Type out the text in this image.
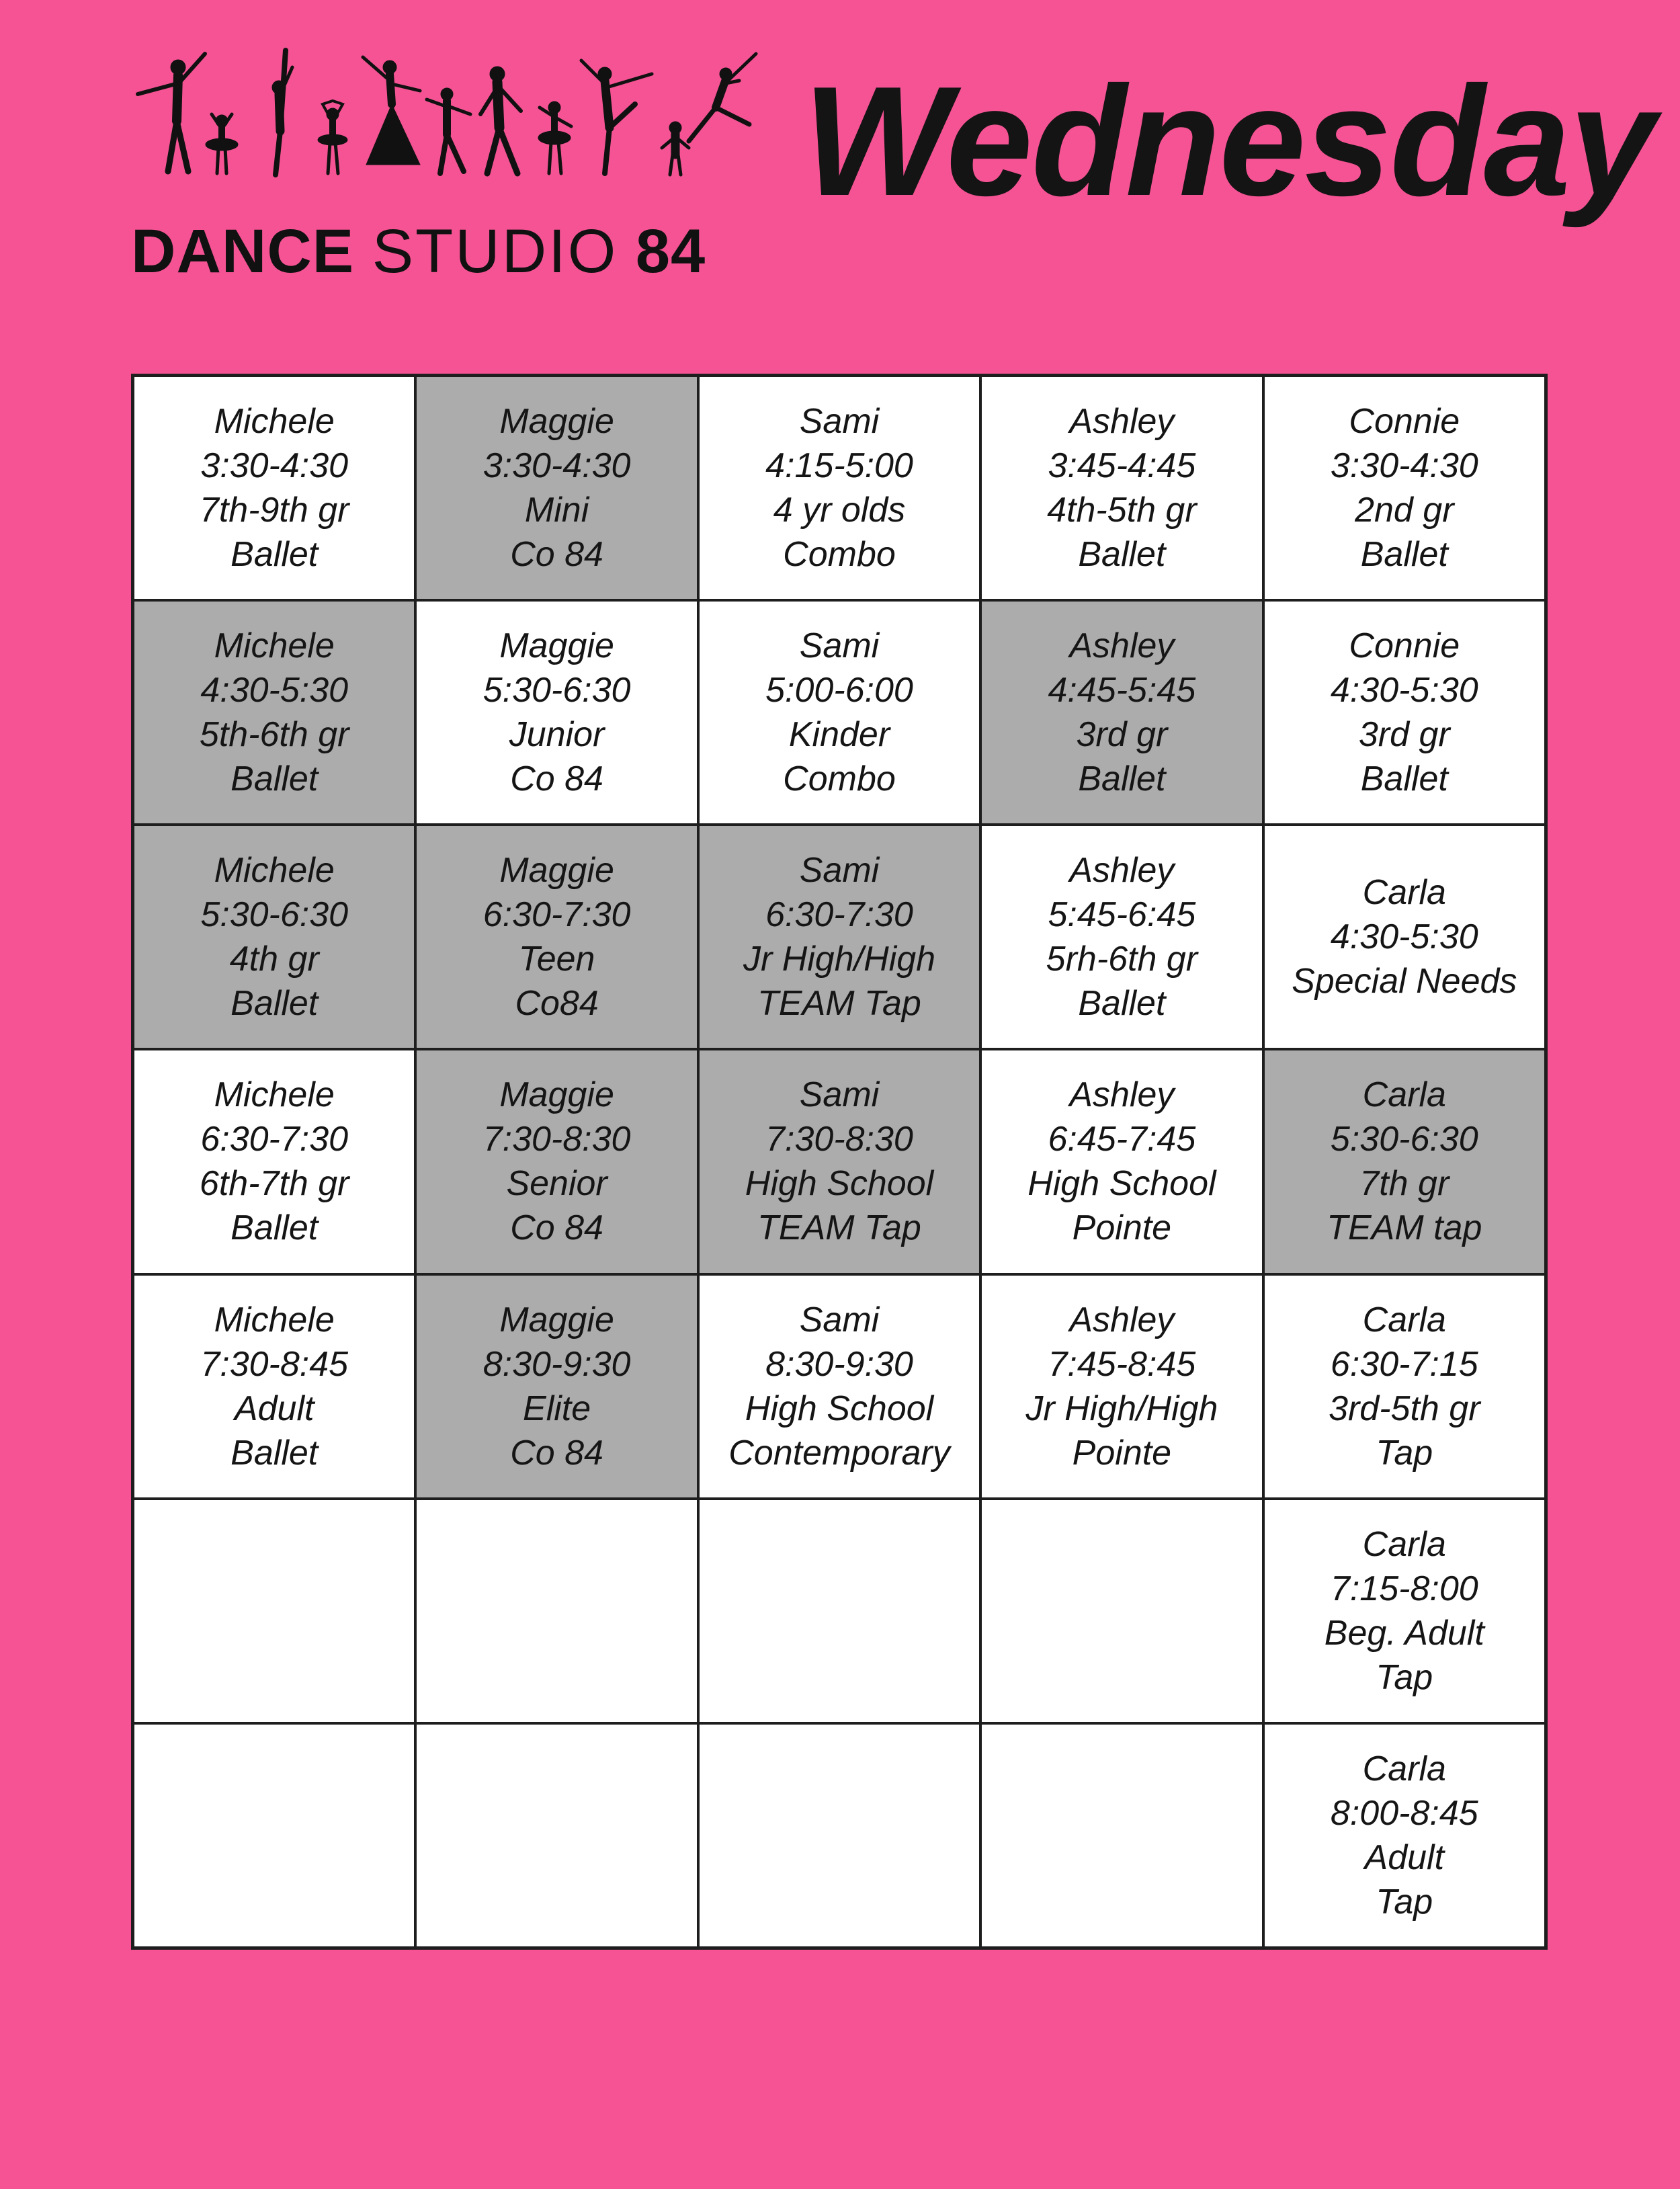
DANCE STUDIO 84
Wednesday
Michele
3:30-4:30
7th-9th gr
Ballet
Maggie
3:30-4:30
Mini
Co 84
Sami
4:15-5:00
4 yr olds
Combo
Ashley
3:45-4:45
4th-5th gr
Ballet
Connie
3:30-4:30
2nd gr
Ballet
Michele
4:30-5:30
5th-6th gr
Ballet
Maggie
5:30-6:30
Junior
Co 84
Sami
5:00-6:00
Kinder
Combo
Ashley
4:45-5:45
3rd gr
Ballet
Connie
4:30-5:30
3rd gr
Ballet
Michele
5:30-6:30
4th gr
Ballet
Maggie
6:30-7:30
Teen
Co84
Sami
6:30-7:30
Jr High/High
TEAM Tap
Ashley
5:45-6:45
5rh-6th gr
Ballet
Carla
4:30-5:30
Special Needs
Michele
6:30-7:30
6th-7th gr
Ballet
Maggie
7:30-8:30
Senior
Co 84
Sami
7:30-8:30
High School
TEAM Tap
Ashley
6:45-7:45
High School
Pointe
Carla
5:30-6:30
7th gr
TEAM tap
Michele
7:30-8:45
Adult
Ballet
Maggie
8:30-9:30
Elite
Co 84
Sami
8:30-9:30
High School
Contemporary
Ashley
7:45-8:45
Jr High/High
Pointe
Carla
6:30-7:15
3rd-5th gr
Tap
Carla
7:15-8:00
Beg. Adult
Tap
Carla
8:00-8:45
Adult
Tap
